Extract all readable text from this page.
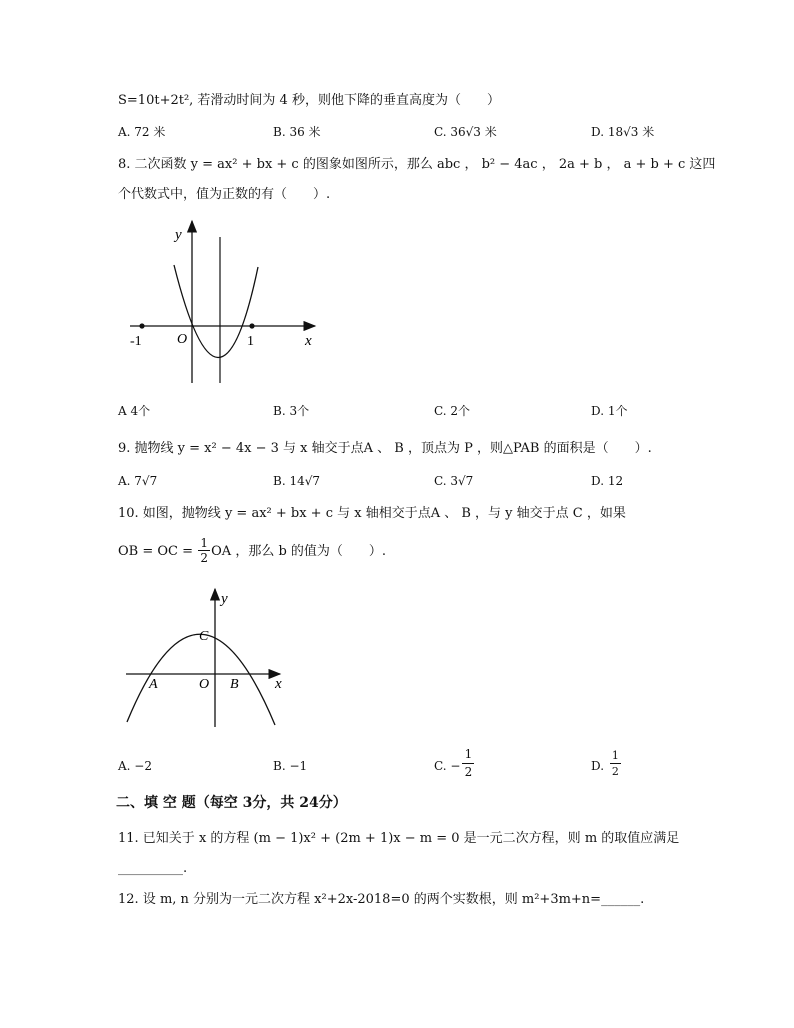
S=10t+2t², 若滑动时间为 4 秒，则他下降的垂直高度为（　　）
A. 72 米	B. 36 米	C. 36√3 米	D. 18√3 米
8. 二次函数 y = ax² + bx + c 的图象如图所示，那么 abc ， b² − 4ac ， 2a + b ， a + b + c 这四
个代数式中，值为正数的有（　　）.
y
x
O
-1	1
A 4个	B. 3个	C. 2个	D. 1个
9. 抛物线 y = x² − 4x − 3 与 x 轴交于点A 、 B ，顶点为 P ，则△PAB 的面积是（　　）.
A. 7√7	B. 14√7	C. 3√7	D. 12
10. 如图，抛物线 y = ax² + bx + c 与 x 轴相交于点A 、 B ，与 y 轴交于点 C ，如果
OB = OC = $\frac{1}{2}$ OA ，那么 b 的值为（　　）.
y
x
C
A	O B
A. −2	B. −1	C. − $\frac{1}{2}$	D. $\frac{1}{2}$
二、填 空 题（每空 3分，共 24分）
11. 已知关于 x 的方程 (m − 1)x² + (2m + 1)x − m = 0 是一元二次方程，则 m 的取值应满足
__________.
12. 设 m, n 分别为一元二次方程 x²+2x-2018=0 的两个实数根，则 m²+3m+n=______.
